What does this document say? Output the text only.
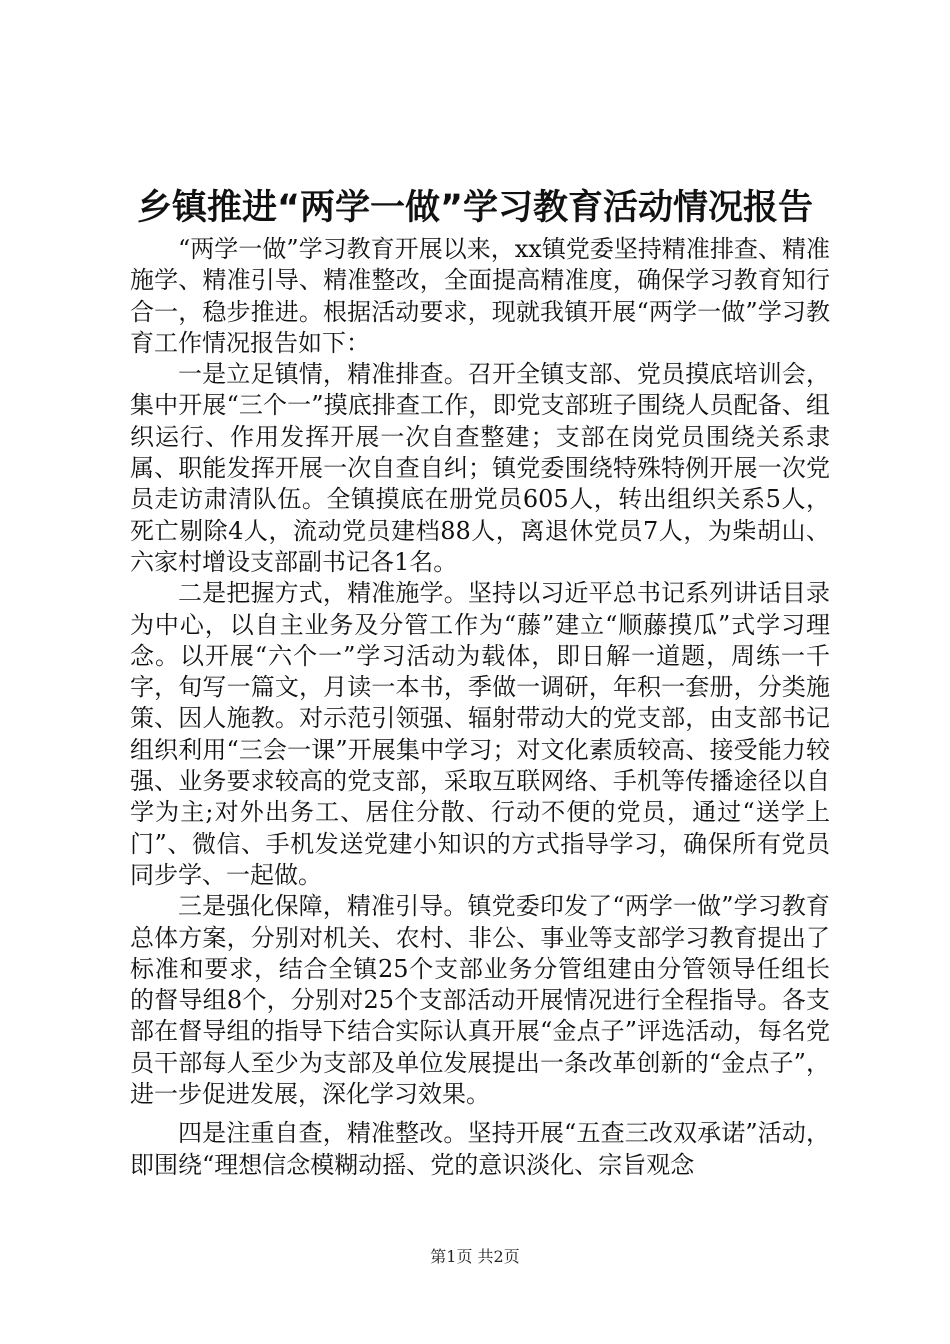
乡镇推进“两学一做”学习教育活动情况报告

“两学一做”学习教育开展以来，xx镇党委坚持精准排查、精准施学、精准引导、精准整改，全面提高精准度，确保学习教育知行合一，稳步推进。根据活动要求，现就我镇开展“两学一做”学习教育工作情况报告如下：

一是立足镇情，精准排查。召开全镇支部、党员摸底培训会，集中开展“三个一”摸底排查工作，即党支部班子围绕人员配备、组织运行、作用发挥开展一次自查整建；支部在岗党员围绕关系隶属、职能发挥开展一次自查自纠；镇党委围绕特殊特例开展一次党员走访肃清队伍。全镇摸底在册党员605人，转出组织关系5人，死亡剔除4人，流动党员建档88人，离退休党员7人，为柴胡山、六家村增设支部副书记各1名。

二是把握方式，精准施学。坚持以习近平总书记系列讲话目录为中心，以自主业务及分管工作为“藤”建立“顺藤摸瓜”式学习理念。以开展“六个一”学习活动为载体，即日解一道题，周练一千字，旬写一篇文，月读一本书，季做一调研，年积一套册，分类施策、因人施教。对示范引领强、辐射带动大的党支部，由支部书记组织利用“三会一课”开展集中学习；对文化素质较高、接受能力较强、业务要求较高的党支部，采取互联网络、手机等传播途径以自学为主;对外出务工、居住分散、行动不便的党员，通过“送学上门”、微信、手机发送党建小知识的方式指导学习，确保所有党员同步学、一起做。

三是强化保障，精准引导。镇党委印发了“两学一做”学习教育总体方案，分别对机关、农村、非公、事业等支部学习教育提出了标准和要求，结合全镇25个支部业务分管组建由分管领导任组长的督导组8个，分别对25个支部活动开展情况进行全程指导。各支部在督导组的指导下结合实际认真开展“金点子”评选活动，每名党员干部每人至少为支部及单位发展提出一条改革创新的“金点子”，进一步促进发展，深化学习效果。

四是注重自查，精准整改。坚持开展“五查三改双承诺”活动，即围绕“理想信念模糊动摇、党的意识淡化、宗旨观念

第1页 共2页
